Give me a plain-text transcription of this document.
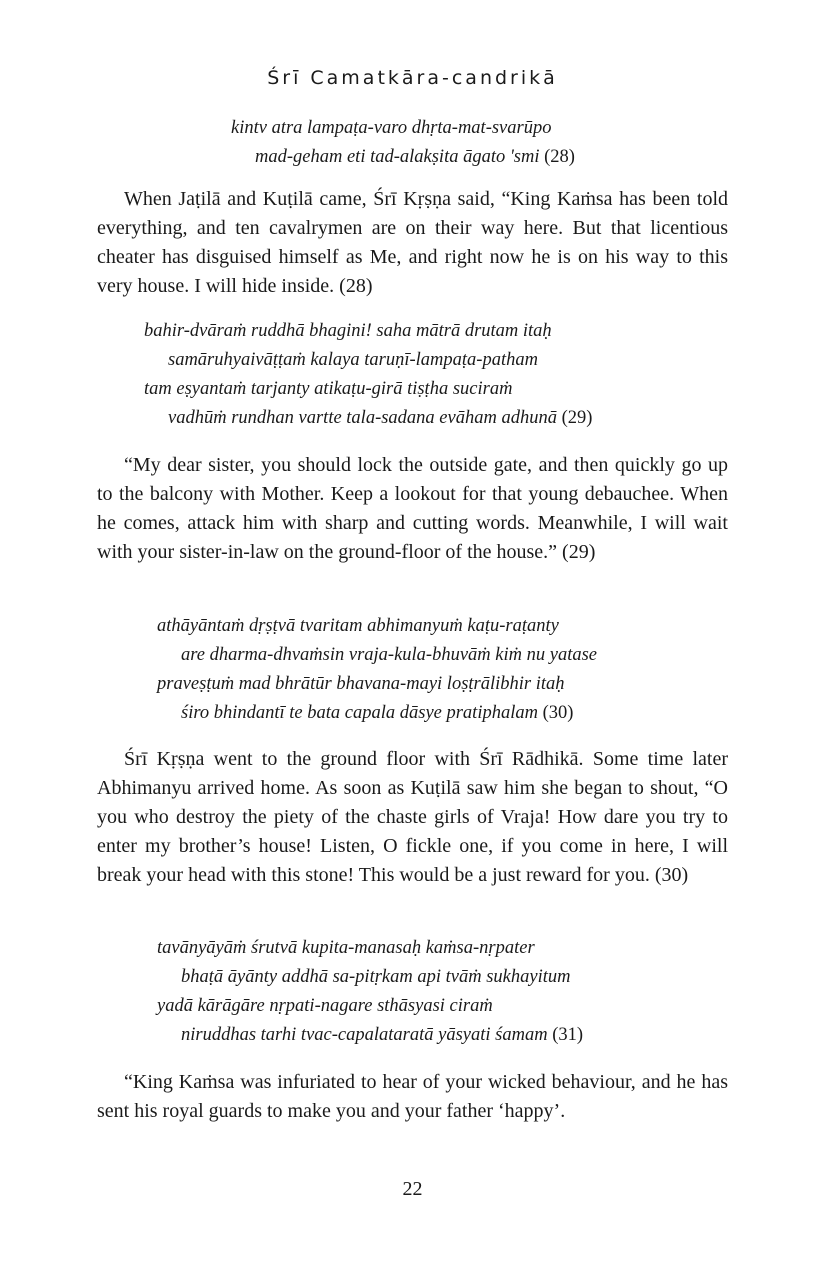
Śrī Camatkāra-candrikā
kintv atra lampaṭa-varo dhṛta-mat-svarūpo
mad-geham eti tad-alakṣita āgato 'smi (28)

When Jaṭilā and Kuṭilā came, Śrī Kṛṣṇa said, “King Kaṁsa has been told everything, and ten cavalrymen are on their way here. But that licentious cheater has disguised himself as Me, and right now he is on his way to this very house. I will hide inside. (28)

bahir-dvāraṁ ruddhā bhagini! saha mātrā drutam itaḥ
samāruhyaivāṭṭaṁ kalaya taruṇī-lampaṭa-patham
tam eṣyantaṁ tarjanty atikaṭu-girā tiṣṭha suciraṁ
vadhūṁ rundhan vartte tala-sadana evāham adhunā (29)

“My dear sister, you should lock the outside gate, and then quickly go up to the balcony with Mother. Keep a lookout for that young debauchee. When he comes, attack him with sharp and cutting words. Meanwhile, I will wait with your sister-in-law on the ground-floor of the house.” (29)

athāyāntaṁ dṛṣṭvā tvaritam abhimanyuṁ kaṭu-raṭanty
are dharma-dhvaṁsin vraja-kula-bhuvāṁ kiṁ nu yatase
praveṣṭuṁ mad bhrātūr bhavana-mayi loṣṭrālibhir itaḥ
śiro bhindantī te bata capala dāsye pratiphalam (30)

Śrī Kṛṣṇa went to the ground floor with Śrī Rādhikā. Some time later Abhimanyu arrived home. As soon as Kuṭilā saw him she began to shout, “O you who destroy the piety of the chaste girls of Vraja! How dare you try to enter my brother’s house! Listen, O fickle one, if you come in here, I will break your head with this stone! This would be a just reward for you. (30)

tavānyāyāṁ śrutvā kupita-manasaḥ kaṁsa-nṛpater
bhaṭā āyānty addhā sa-pitṛkam api tvāṁ sukhayitum
yadā kārāgāre nṛpati-nagare sthāsyasi ciraṁ
niruddhas tarhi tvac-capalataratā yāsyati śamam (31)

“King Kaṁsa was infuriated to hear of your wicked behaviour, and he has sent his royal guards to make you and your father ‘happy’.

22
